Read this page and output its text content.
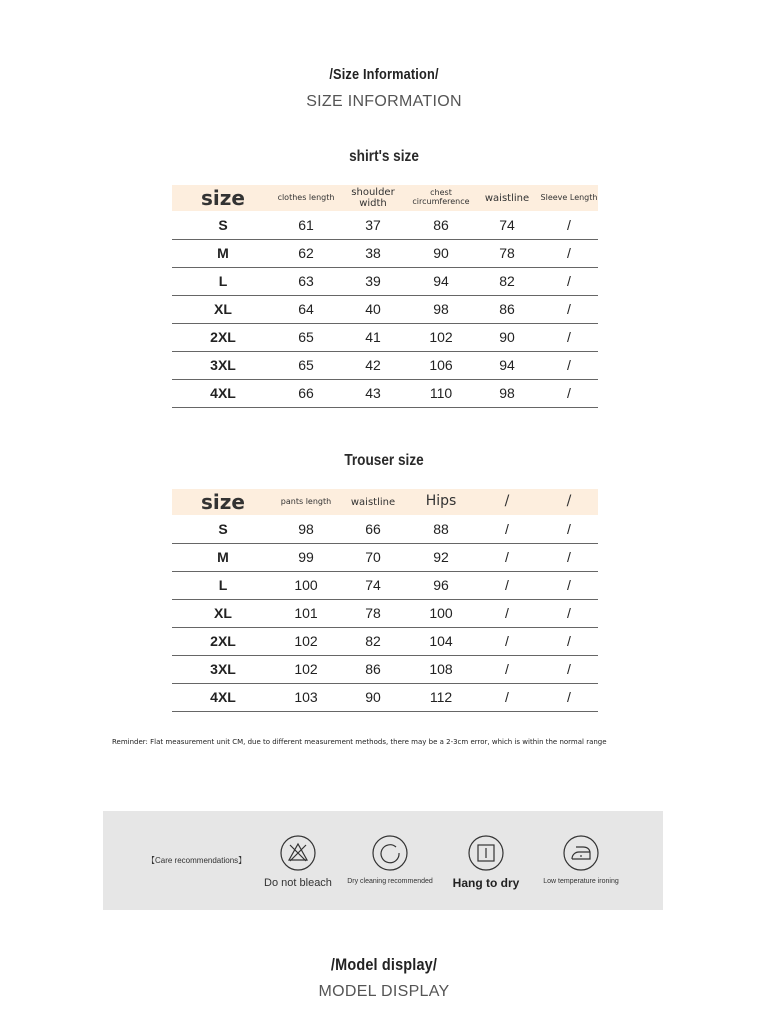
/Size Information/
SIZE INFORMATION
shirt's size
size	clothes length	shoulder width	chest circumference	waistline	Sleeve Length
S	61	37	86	74	/
M	62	38	90	78	/
L	63	39	94	82	/
XL	64	40	98	86	/
2XL	65	41	102	90	/
3XL	65	42	106	94	/
4XL	66	43	110	98	/
Trouser size
size	pants length	waistline	Hips	/	/
S	98	66	88	/	/
M	99	70	92	/	/
L	100	74	96	/	/
XL	101	78	100	/	/
2XL	102	82	104	/	/
3XL	102	86	108	/	/
4XL	103	90	112	/	/
Reminder: Flat measurement unit CM, due to different measurement methods, there may be a 2-3cm error, which is within the normal range
【Care recommendations】
Do not bleach	Dry cleaning recommended	Hang to dry	Low temperature ironing
/Model display/
MODEL DISPLAY
